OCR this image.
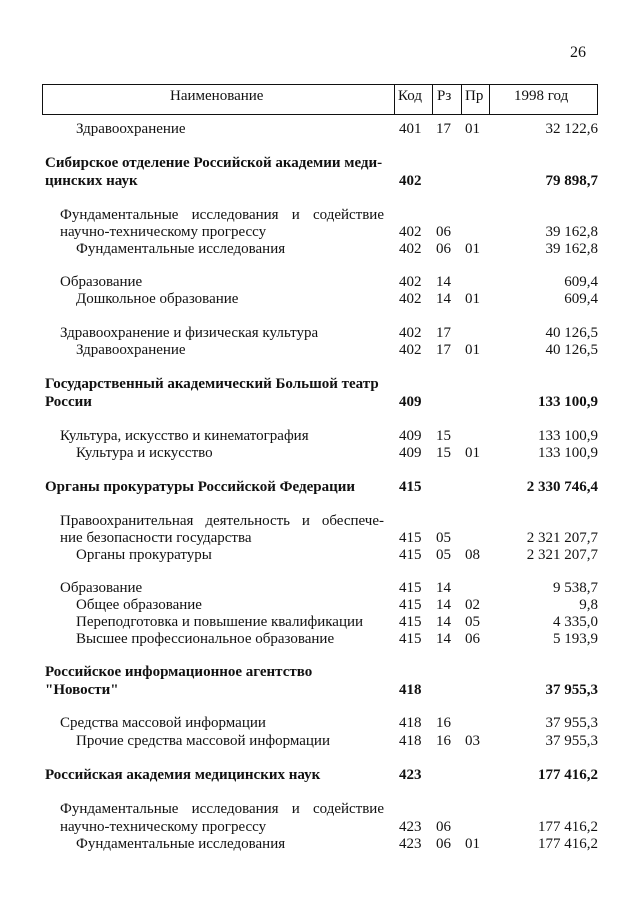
26
Наименование	Код Рз Пр 1998 год
Здравоохранение	401 17 01	32 122,6
Сибирское отделение Российской академии меди-
цинских наук	402	79 898,7
Фундаментальные исследования и содействие
научно-техническому прогрессу	402 06	39 162,8
Фундаментальные исследования	402 06 01	39 162,8
Образование	402 14	609,4
Дошкольное образование	402 14 01	609,4
Здравоохранение и физическая культура	402 17	40 126,5
Здравоохранение	402 17 01	40 126,5
Государственный академический Большой театр
России	409	133 100,9
Культура, искусство и кинематография	409 15	133 100,9
Культура и искусство	409 15 01	133 100,9
Органы прокуратуры Российской Федерации	415	2 330 746,4
Правоохранительная деятельность и обеспече-
ние безопасности государства	415 05	2 321 207,7
Органы прокуратуры	415 05 08	2 321 207,7
Образование	415 14	9 538,7
Общее образование	415 14 02	9,8
Переподготовка и повышение квалификации 415 14 05	4 335,0
Высшее профессиональное образование	415 14 06	5 193,9
Российское информационное агентство
"Новости"	418	37 955,3
Средства массовой информации	418 16	37 955,3
Прочие средства массовой информации	418 16 03	37 955,3
Российская академия медицинских наук	423	177 416,2
Фундаментальные исследования и содействие
научно-техническому прогрессу	423 06	177 416,2
Фундаментальные исследования	423 06 01	177 416,2
